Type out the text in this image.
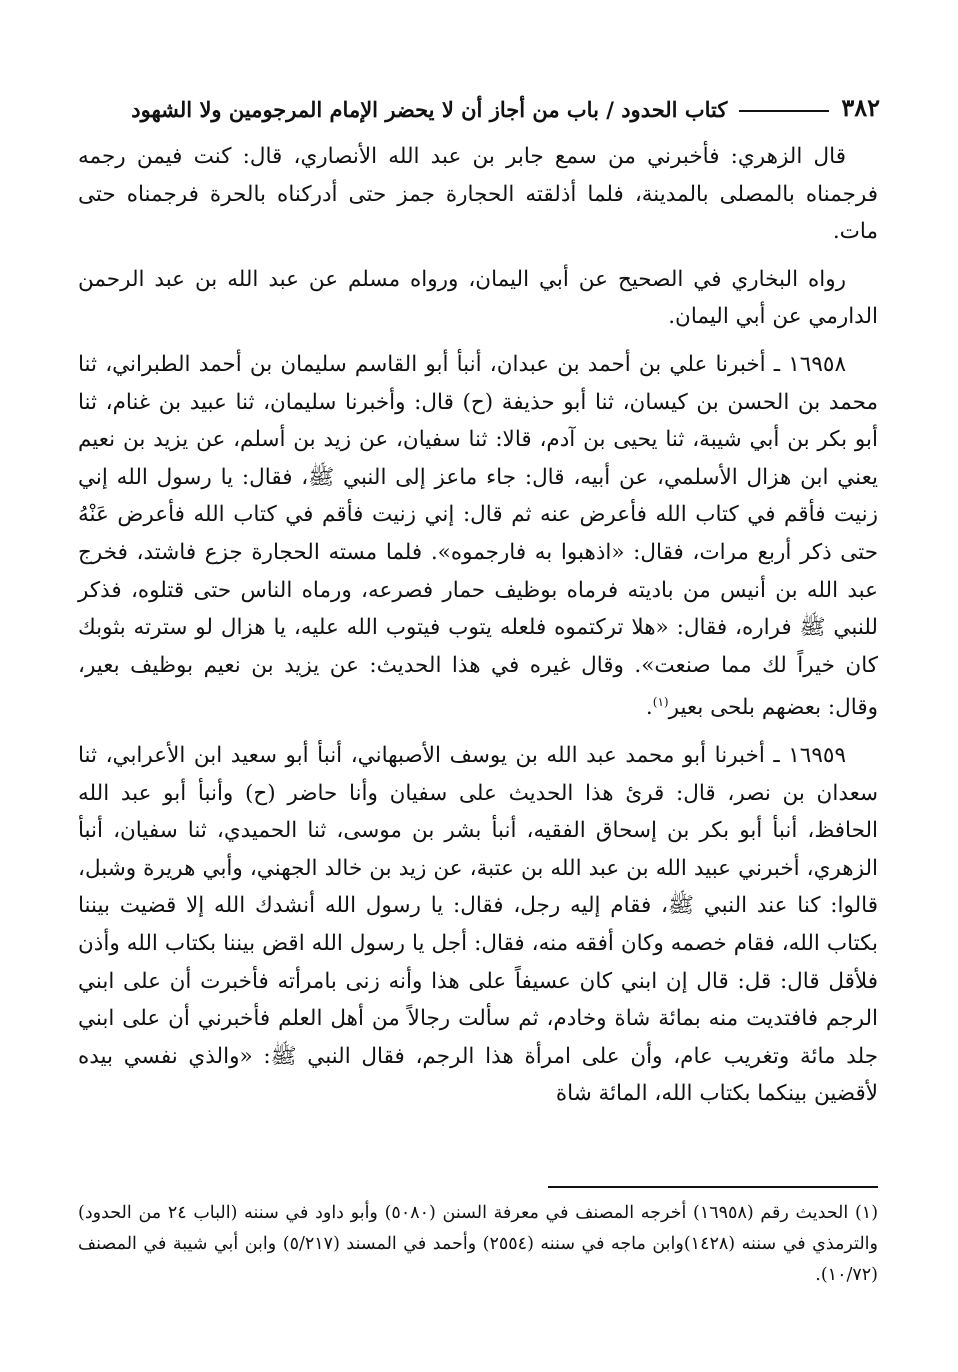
٣٨٢
كتاب الحدود / باب من أجاز أن لا يحضر الإمام المرجومين ولا الشهود

قال الزهري: فأخبرني من سمع جابر بن عبد الله الأنصاري، قال: كنت فيمن رجمه فرجمناه بالمصلى بالمدينة، فلما أذلقته الحجارة جمز حتى أدركناه بالحرة فرجمناه حتى مات.

رواه البخاري في الصحيح عن أبي اليمان، ورواه مسلم عن عبد الله بن عبد الرحمن الدارمي عن أبي اليمان.

١٦٩٥٨ ـ أخبرنا علي بن أحمد بن عبدان، أنبأ أبو القاسم سليمان بن أحمد الطبراني، ثنا محمد بن الحسن بن كيسان، ثنا أبو حذيفة (ح) قال: وأخبرنا سليمان، ثنا عبيد بن غنام، ثنا أبو بكر بن أبي شيبة، ثنا يحيى بن آدم، قالا: ثنا سفيان، عن زيد بن أسلم، عن يزيد بن نعيم يعني ابن هزال الأسلمي، عن أبيه، قال: جاء ماعز إلى النبي ﷺ، فقال: يا رسول الله إني زنيت فأقم في كتاب الله فأعرض عنه ثم قال: إني زنيت فأقم في كتاب الله فأعرض عَنْهُ حتى ذكر أربع مرات، فقال: «اذهبوا به فارجموه». فلما مسته الحجارة جزع فاشتد، فخرج عبد الله بن أنيس من باديته فرماه بوظيف حمار فصرعه، ورماه الناس حتى قتلوه، فذكر للنبي ﷺ فراره، فقال: «هلا تركتموه فلعله يتوب فيتوب الله عليه، يا هزال لو سترته بثوبك كان خيراً لك مما صنعت». وقال غيره في هذا الحديث: عن يزيد بن نعيم بوظيف بعير، وقال: بعضهم بلحى بعير$^{(١)}$.

١٦٩٥٩ ـ أخبرنا أبو محمد عبد الله بن يوسف الأصبهاني، أنبأ أبو سعيد ابن الأعرابي، ثنا سعدان بن نصر، قال: قرئ هذا الحديث على سفيان وأنا حاضر (ح) وأنبأ أبو عبد الله الحافظ، أنبأ أبو بكر بن إسحاق الفقيه، أنبأ بشر بن موسى، ثنا الحميدي، ثنا سفيان، أنبأ الزهري، أخبرني عبيد الله بن عبد الله بن عتبة، عن زيد بن خالد الجهني، وأبي هريرة وشبل، قالوا: كنا عند النبي ﷺ، فقام إليه رجل، فقال: يا رسول الله أنشدك الله إلا قضيت بيننا بكتاب الله، فقام خصمه وكان أفقه منه، فقال: أجل يا رسول الله اقض بيننا بكتاب الله وأذن فلأقل قال: قل: قال إن ابني كان عسيفاً على هذا وأنه زنى بامرأته فأخبرت أن على ابني الرجم فافتديت منه بمائة شاة وخادم، ثم سألت رجالاً من أهل العلم فأخبرني أن على ابني جلد مائة وتغريب عام، وأن على امرأة هذا الرجم، فقال النبي ﷺ: «والذي نفسي بيده لأقضين بينكما بكتاب الله، المائة شاة

(١) الحديث رقم (١٦٩٥٨) أخرجه المصنف في معرفة السنن (٥٠٨٠) وأبو داود في سننه (الباب ٢٤ من الحدود) والترمذي في سننه (١٤٢٨)وابن ماجه في سننه (٢٥٥٤) وأحمد في المسند (٥/٢١٧) وابن أبي شيبة في المصنف (١٠/٧٢).
